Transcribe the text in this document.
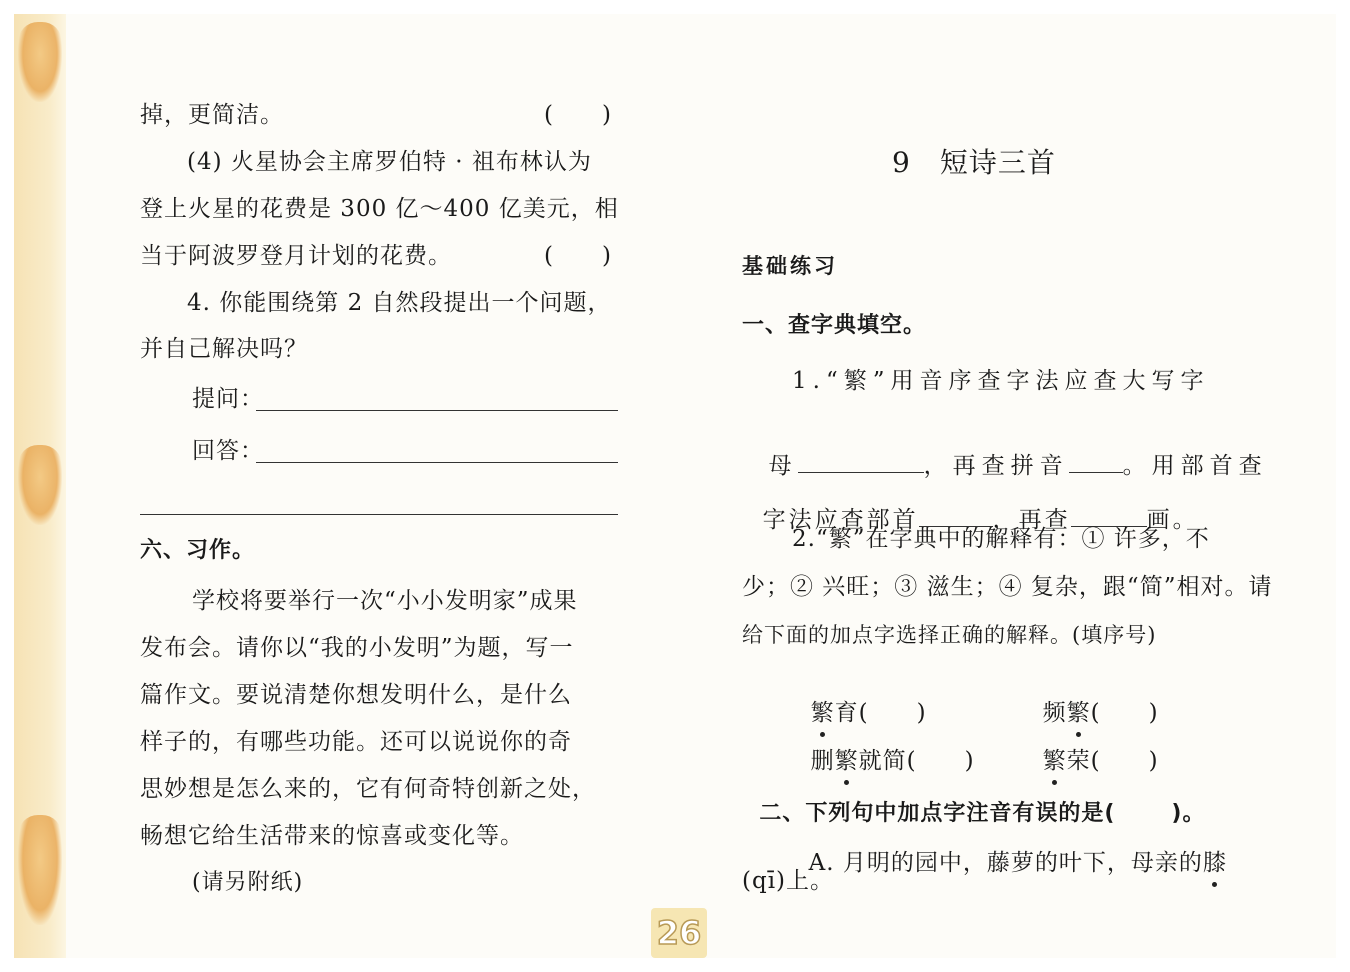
掉，更简洁。	(　　)
(4) 火星协会主席罗伯特 · 祖布林认为
登上火星的花费是 300 亿～400 亿美元，相
当于阿波罗登月计划的花费。	(　　)
4. 你能围绕第 2 自然段提出一个问题，
并自己解决吗？
提问：
回答：
六、习作。
学校将要举行一次“小小发明家”成果
发布会。请你以“我的小发明”为题，写一
篇作文。要说清楚你想发明什么，是什么
样子的，有哪些功能。还可以说说你的奇
思妙想是怎么来的，它有何奇特创新之处，
畅想它给生活带来的惊喜或变化等。
(请另附纸)
9　短诗三首
基础练习
一、查字典填空。
1.“繁”用音序查字法应查大写字

母	，再查拼音 。用部首查

字法应查部首	，再查	画。

2.“繁”在字典中的解释有：① 许多，不
少；② 兴旺；③ 滋生；④ 复杂，跟“简”相对。请
给下面的加点字选择正确的解释。(填序号)

繁育(　　)	频繁(　　)

删繁就简(　　)	繁荣(　　)

二、下列句中加点字注音有误的是(	)。

A. 月明的园中，藤萝的叶下，母亲的膝

(qī)上。
26
